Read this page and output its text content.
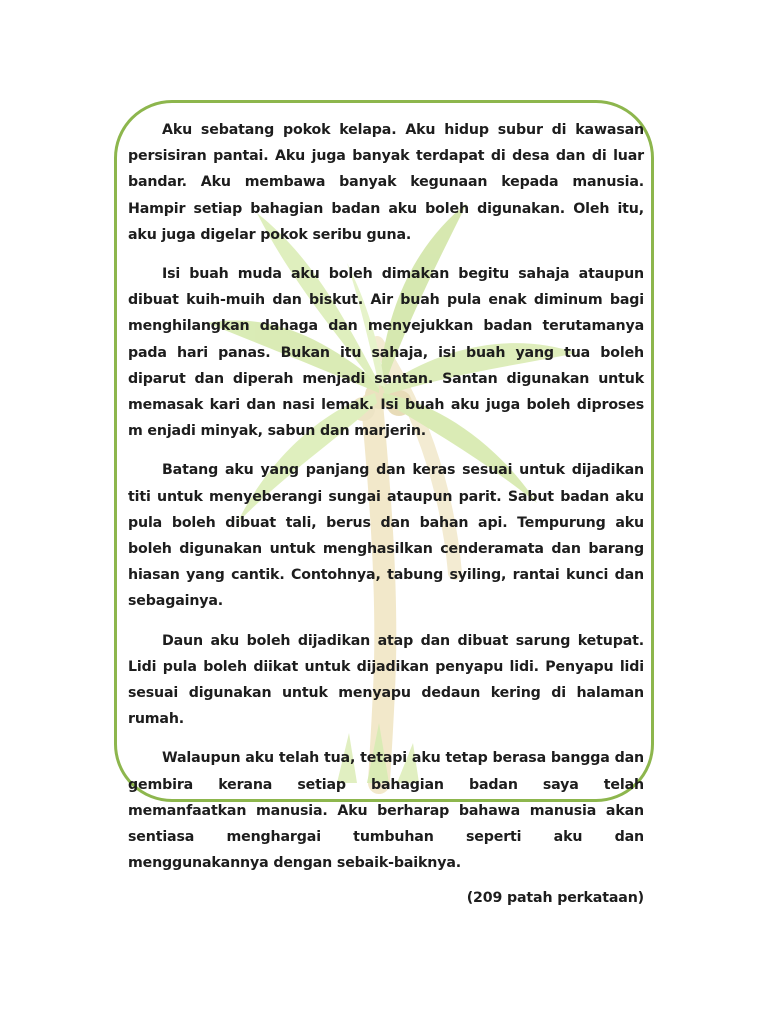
Aku sebatang pokok kelapa. Aku hidup subur di kawasan persisiran pantai. Aku juga banyak terdapat di desa dan di luar bandar. Aku membawa banyak kegunaan kepada manusia. Hampir setiap bahagian badan aku boleh digunakan. Oleh itu, aku juga digelar pokok seribu guna.

Isi buah muda aku boleh dimakan begitu sahaja ataupun dibuat kuih-muih dan biskut. Air buah pula enak diminum bagi menghilangkan dahaga dan menyejukkan badan terutamanya pada hari panas. Bukan itu sahaja, isi buah yang tua boleh diparut dan diperah menjadi santan. Santan digunakan untuk memasak kari dan nasi lemak. Isi buah aku juga boleh diproses m enjadi minyak, sabun dan marjerin.

Batang aku yang panjang dan keras sesuai untuk dijadikan titi untuk menyeberangi sungai ataupun parit. Sabut badan aku pula boleh dibuat tali, berus dan bahan api. Tempurung aku boleh digunakan untuk menghasilkan cenderamata dan barang hiasan yang cantik. Contohnya, tabung syiling, rantai kunci dan sebagainya.

Daun aku boleh dijadikan atap dan dibuat sarung ketupat. Lidi pula boleh diikat untuk dijadikan penyapu lidi. Penyapu lidi sesuai digunakan untuk menyapu dedaun kering di halaman rumah.

Walaupun aku telah tua, tetapi aku tetap berasa bangga dan gembira kerana setiap bahagian badan saya telah memanfaatkan manusia. Aku berharap bahawa manusia akan sentiasa menghargai tumbuhan seperti aku dan menggunakannya dengan sebaik-baiknya.

(209 patah perkataan)
